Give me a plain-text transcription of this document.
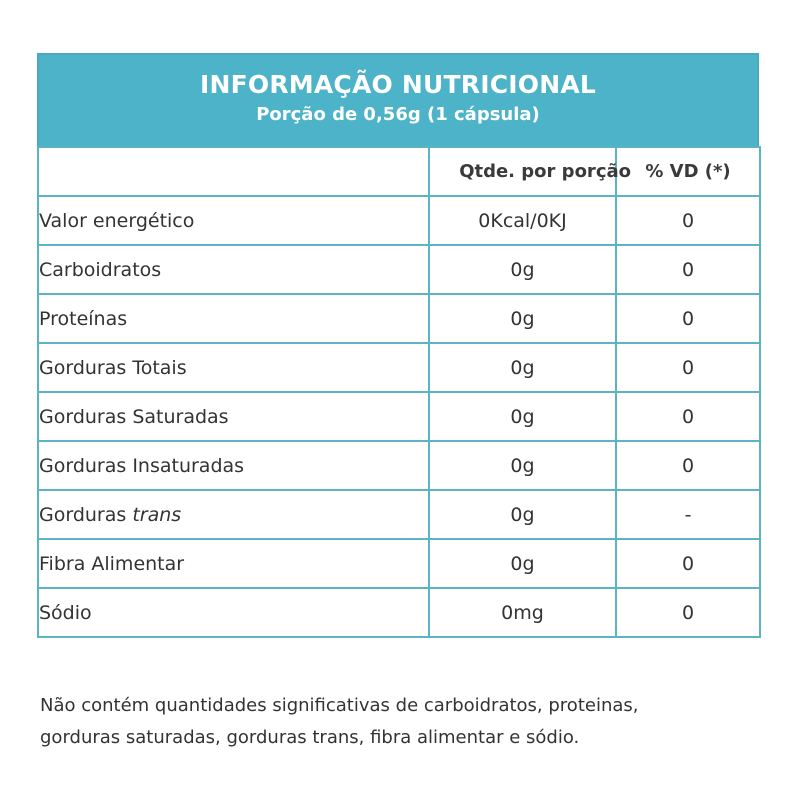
INFORMAÇÃO NUTRICIONAL
Porção de 0,56g (1 cápsula)
	Qtde. por porção	% VD (*)
Valor energético	0Kcal/0KJ	0
Carboidratos	0g	0
Proteínas	0g	0
Gorduras Totais	0g	0
Gorduras Saturadas	0g	0
Gorduras Insaturadas	0g	0
Gorduras trans	0g	-
Fibra Alimentar	0g	0
Sódio	0mg	0
Não contém quantidades significativas de carboidratos, proteinas,
gorduras saturadas, gorduras trans, fibra alimentar e sódio.
